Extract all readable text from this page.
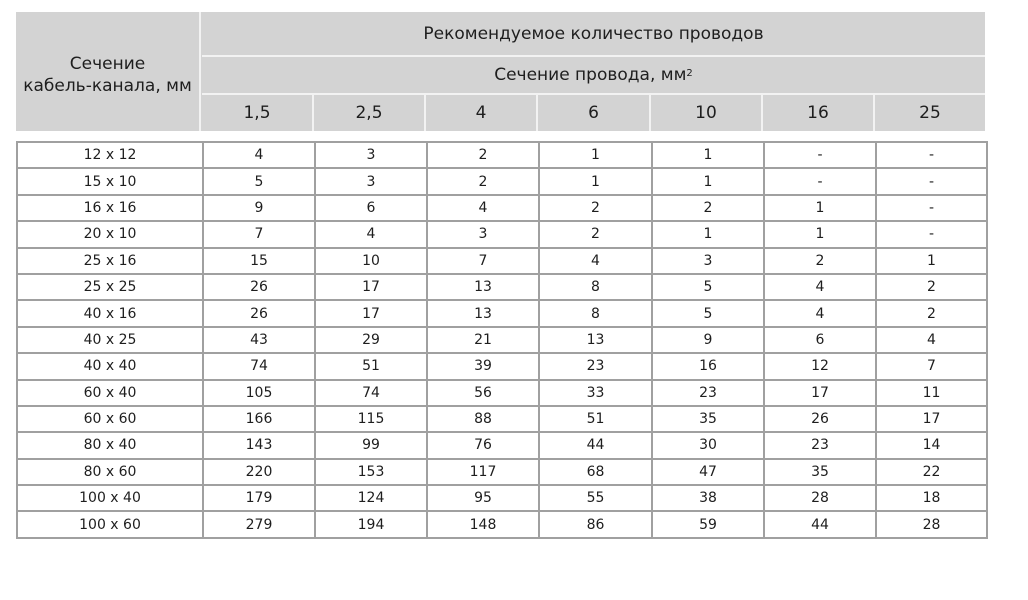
Сечение
кабель-канала, мм
Рекомендуемое количество проводов
Сечение провода, $мм^2$
1,5	2,5	4	6	10	16	25
12 x 12	4	3	2	1	1	-	-
15 x 10	5	3	2	1	1	-	-
16 x 16	9	6	4	2	2	1	-
20 x 10	7	4	3	2	1	1	-
25 x 16	15	10	7	4	3	2	1
25 x 25	26	17	13	8	5	4	2
40 x 16	26	17	13	8	5	4	2
40 x 25	43	29	21	13	9	6	4
40 x 40	74	51	39	23	16	12	7
60 x 40	105	74	56	33	23	17	11
60 x 60	166	115	88	51	35	26	17
80 x 40	143	99	76	44	30	23	14
80 x 60	220	153	117	68	47	35	22
100 x 40	179	124	95	55	38	28	18
100 x 60	279	194	148	86	59	44	28
